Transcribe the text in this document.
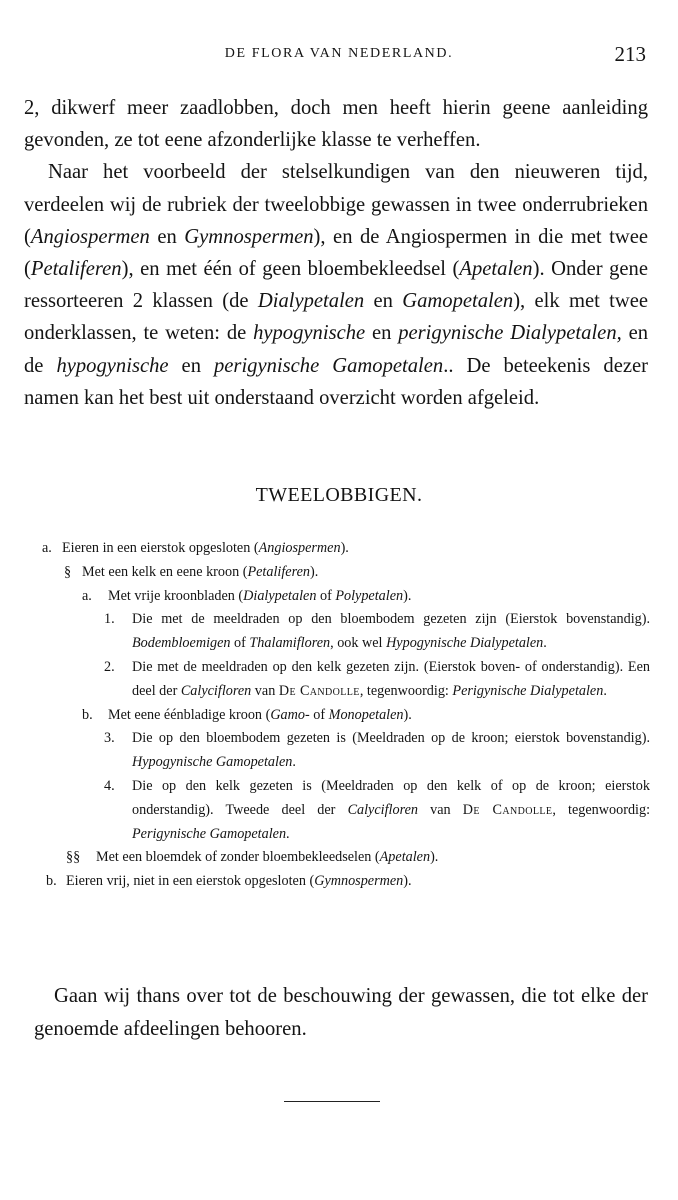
DE FLORA VAN NEDERLAND.	213

2, dikwerf meer zaadlobben, doch men heeft hierin geene aanleiding gevonden, ze tot eene afzonderlijke klasse te verheffen.

Naar het voorbeeld der stelselkundigen van den nieuweren tijd, verdeelen wij de rubriek der tweelobbige gewassen in twee onderrubrieken (Angiospermen en Gymnospermen), en de Angiospermen in die met twee (Petaliferen), en met één of geen bloembekleedsel (Apetalen). Onder gene ressorteeren 2 klassen (de Dialypetalen en Gamopetalen), elk met twee onderklassen, te weten: de hypogynische en perigynische Dialypetalen, en de hypogynische en perigynische Gamopetalen.. De beteekenis dezer namen kan het best uit onderstaand overzicht worden afgeleid.

TWEELOBBIGEN.
a. Eieren in een eierstok opgesloten (Angiospermen).
§ Met een kelk en eene kroon (Petaliferen).
a. Met vrije kroonbladen (Dialypetalen of Polypetalen).
1. Die met de meeldraden op den bloembodem gezeten zijn (Eierstok bovenstandig). Bodembloemigen of Thalamifloren, ook wel Hypogynische Dialypetalen.
2. Die met de meeldraden op den kelk gezeten zijn. (Eierstok boven- of onderstandig). Een deel der Calycifloren van De Candolle, tegenwoordig: Perigynische Dialypetalen.
b. Met eene éénbladige kroon (Gamo- of Monopetalen).
3. Die op den bloembodem gezeten is (Meeldraden op de kroon; eierstok bovenstandig). Hypogynische Gamopetalen.
4. Die op den kelk gezeten is (Meeldraden op den kelk of op de kroon; eierstok onderstandig). Tweede deel der Calycifloren van De Candolle, tegenwoordig: Perigynische Gamopetalen.
§§ Met een bloemdek of zonder bloembekleedselen (Apetalen).
b. Eieren vrij, niet in een eierstok opgesloten (Gymnospermen).

Gaan wij thans over tot de beschouwing der gewassen, die tot elke der genoemde afdeelingen behooren.
